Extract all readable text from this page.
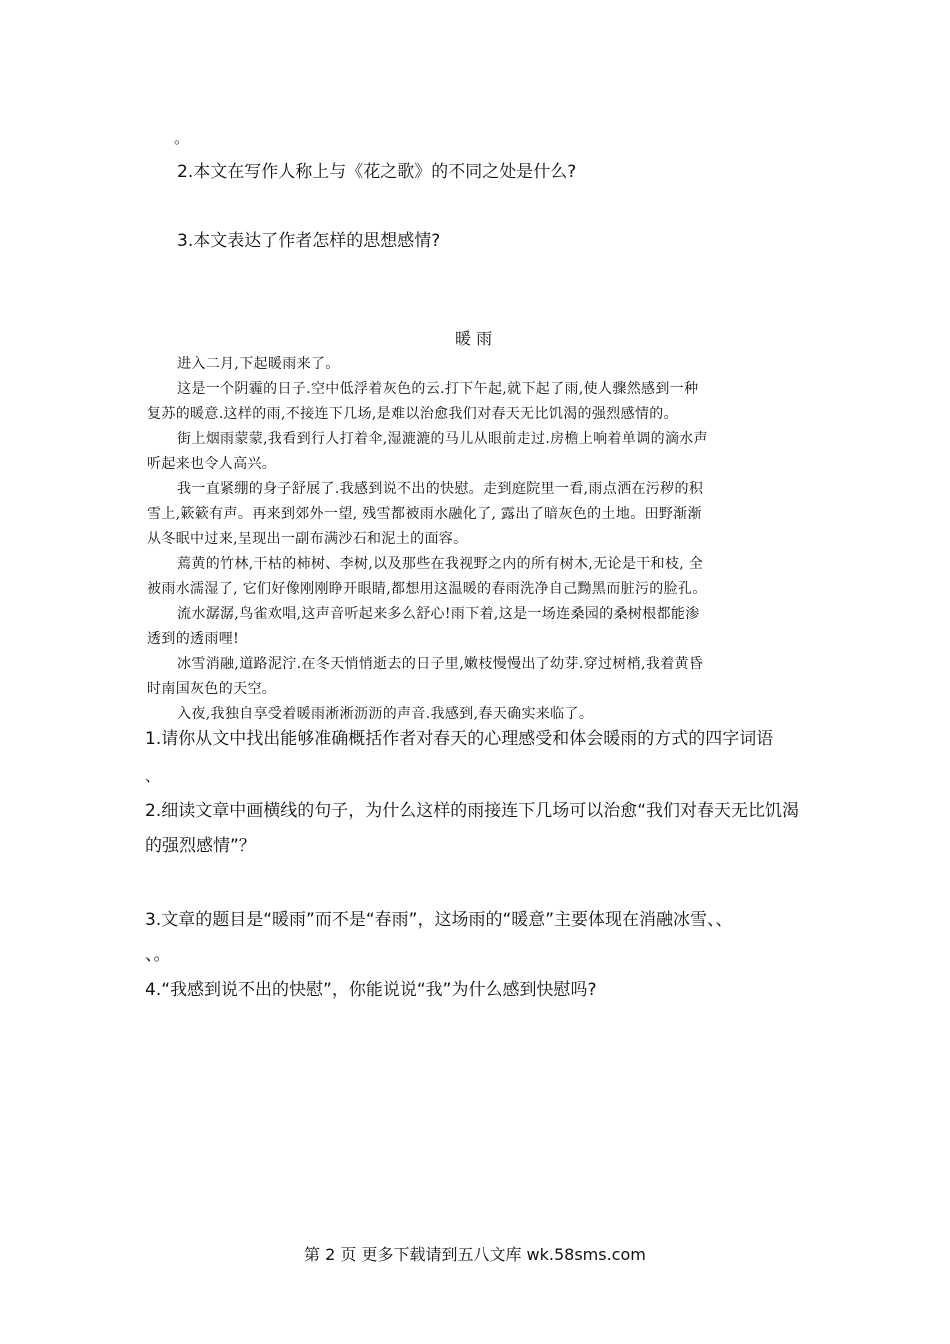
。
2.本文在写作人称上与《花之歌》的不同之处是什么?
3.本文表达了作者怎样的思想感情?
暖 雨
进入二月,下起暖雨来了。
这是一个阴霾的日子.空中低浮着灰色的云.打下午起,就下起了雨,使人骤然感到一种
复苏的暖意.这样的雨,不接连下几场,是难以治愈我们对春天无比饥渴的强烈感情的。
街上烟雨蒙蒙,我看到行人打着伞,湿漉漉的马儿从眼前走过.房檐上响着单调的滴水声
听起来也令人高兴。
我一直紧绷的身子舒展了.我感到说不出的快慰。走到庭院里一看,雨点洒在污秽的积
雪上,簌簌有声。再来到郊外一望, 残雪都被雨水融化了, 露出了暗灰色的土地。田野渐渐
从冬眠中过来,呈现出一副布满沙石和泥土的面容。
蔫黄的竹林,干枯的柿树、李树,以及那些在我视野之内的所有树木,无论是干和枝, 全
被雨水濡湿了, 它们好像刚刚睁开眼睛,都想用这温暖的春雨洗净自己黝黑而脏污的脸孔。
流水潺潺,鸟雀欢唱,这声音听起来多么舒心!雨下着,这是一场连桑园的桑树根都能渗
透到的透雨哩!
冰雪消融,道路泥泞.在冬天悄悄逝去的日子里,嫩枝慢慢出了幼芽.穿过树梢,我着黄昏
时南国灰色的天空。
入夜,我独自享受着暖雨淅淅沥沥的声音.我感到,春天确实来临了。
1.请你从文中找出能够准确概括作者对春天的心理感受和体会暖雨的方式的四字词语
、
2.细读文章中画横线的句子，为什么这样的雨接连下几场可以治愈“我们对春天无比饥渴
的强烈感情”？
3.文章的题目是“暖雨”而不是“春雨”，这场雨的“暖意”主要体现在消融冰雪、、
、。
4.“我感到说不出的快慰”，你能说说“我”为什么感到快慰吗?
第 2 页 更多下载请到五八文库 wk.58sms.com
